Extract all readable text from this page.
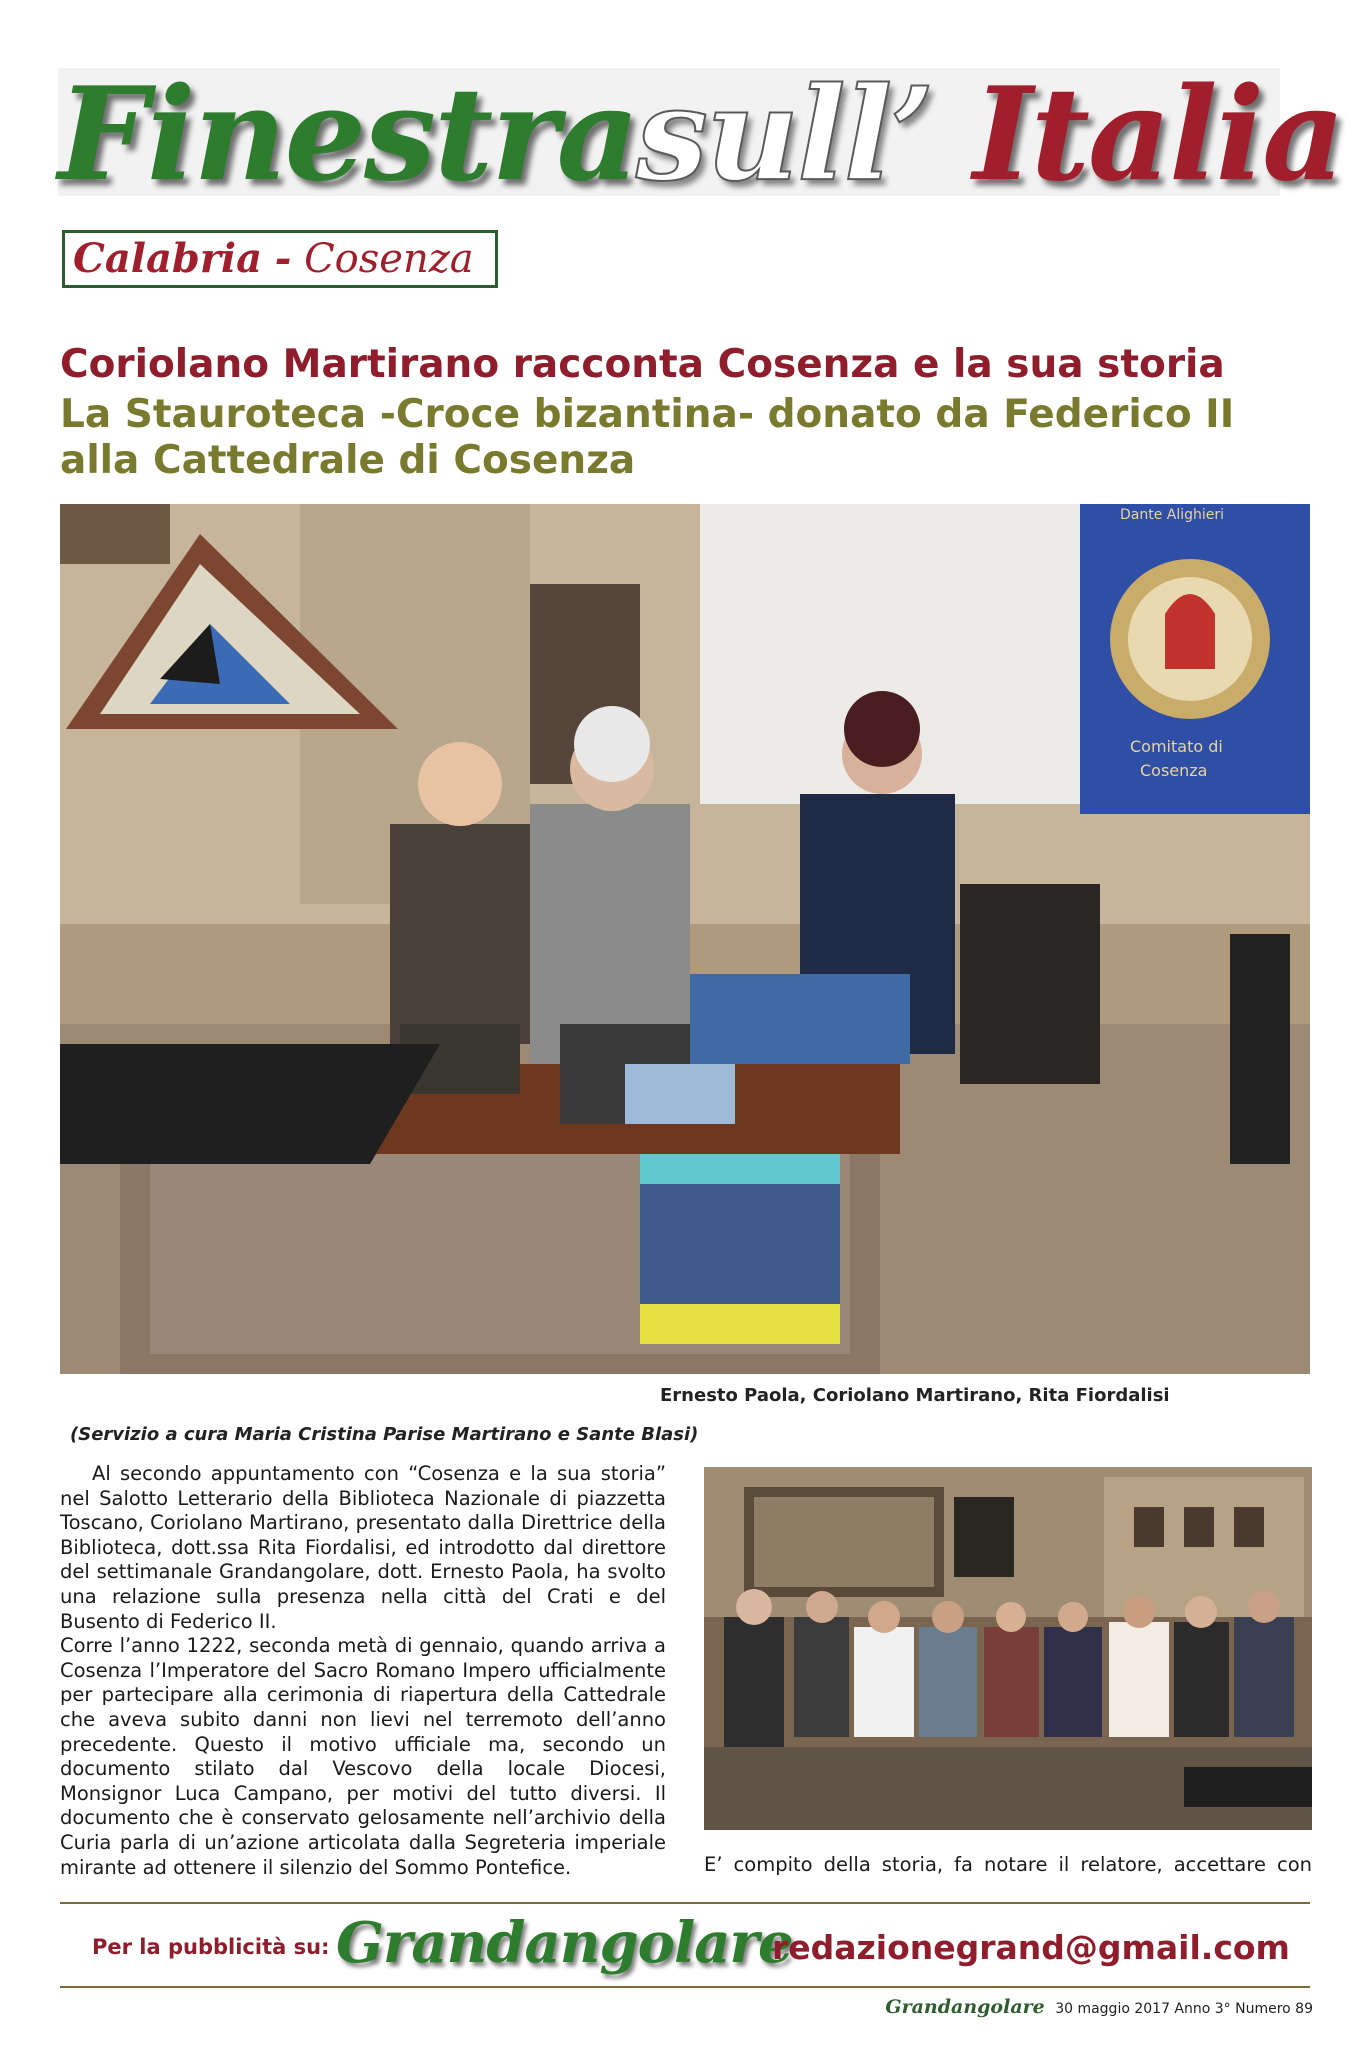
Finestra
sull’ Italia
Calabria - Cosenza
Coriolano Martirano racconta Cosenza e la sua storia
La Stauroteca -Croce bizantina- donato da Federico II alla Cattedrale di Cosenza
Comitato di
Cosenza
Dante Alighieri
Ernesto Paola, Coriolano Martirano, Rita Fiordalisi
(Servizio a cura Maria Cristina Parise Martirano e Sante Blasi)

Al secondo appuntamento con “Cosenza e la sua storia” nel Salotto Letterario della Biblioteca Nazionale di piazzetta Toscano, Coriolano Martirano, presentato dalla Direttrice della Biblioteca, dott.ssa Rita Fiordalisi, ed introdotto dal direttore del settimanale Grandangolare, dott. Ernesto Paola, ha svolto una relazione sulla presenza nella città del Crati e del Busento di Federico II.

Corre l’anno 1222, seconda metà di gennaio, quando arriva a Cosenza l’Imperatore del Sacro Romano Impero ufficialmente per partecipare alla cerimonia di riapertura della Cattedrale che aveva subito danni non lievi nel terremoto dell’anno precedente. Questo il motivo ufficiale ma, secondo un documento stilato dal Vescovo della locale Diocesi, Monsignor Luca Campano, per motivi del tutto diversi. Il documento che è conservato gelosamente nell’archivio della Curia parla di un’azione articolata dalla Segreteria imperiale mirante ad ottenere il silenzio del Sommo Pontefice.	E’ compito della storia, fa notare il relatore, accettare con
Per la pubblicità su: Grandangolare
redazionegrand@gmail.com
Grandangolare 30 maggio 2017 Anno 3° Numero 89
